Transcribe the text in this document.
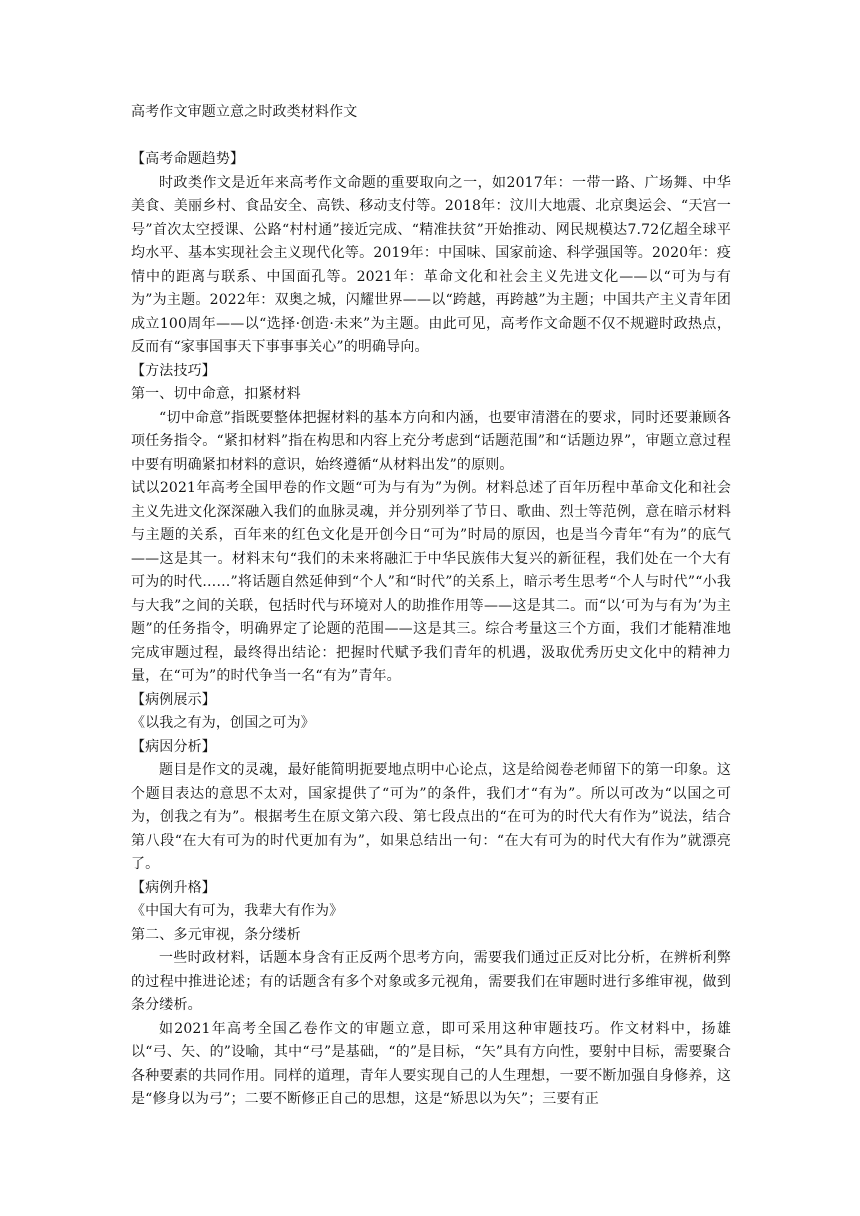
高考作文审题立意之时政类材料作文

【高考命题趋势】

时政类作文是近年来高考作文命题的重要取向之一，如2017年：一带一路、广场舞、中华美食、美丽乡村、食品安全、高铁、移动支付等。2018年：汶川大地震、北京奥运会、“天宫一号”首次太空授课、公路“村村通”接近完成、“精准扶贫”开始推动、网民规模达7.72亿超全球平均水平、基本实现社会主义现代化等。2019年：中国味、国家前途、科学强国等。2020年：疫情中的距离与联系、中国面孔等。2021年：革命文化和社会主义先进文化——以“可为与有为”为主题。2022年：双奥之城，闪耀世界——以“跨越，再跨越”为主题；中国共产主义青年团成立100周年——以“选择·创造·未来”为主题。由此可见，高考作文命题不仅不规避时政热点，反而有“家事国事天下事事事关心”的明确导向。

【方法技巧】

第一、切中命意，扣紧材料

“切中命意”指既要整体把握材料的基本方向和内涵，也要审清潜在的要求，同时还要兼顾各项任务指令。“紧扣材料”指在构思和内容上充分考虑到“话题范围”和“话题边界”，审题立意过程中要有明确紧扣材料的意识，始终遵循“从材料出发”的原则。

试以2021年高考全国甲卷的作文题“可为与有为”为例。材料总述了百年历程中革命文化和社会主义先进文化深深融入我们的血脉灵魂，并分别列举了节日、歌曲、烈士等范例，意在暗示材料与主题的关系，百年来的红色文化是开创今日“可为”时局的原因，也是当今青年“有为”的底气——这是其一。材料末句“我们的未来将融汇于中华民族伟大复兴的新征程，我们处在一个大有可为的时代……”将话题自然延伸到“个人”和“时代”的关系上，暗示考生思考“个人与时代”“小我与大我”之间的关联，包括时代与环境对人的助推作用等——这是其二。而“以‘可为与有为’为主题”的任务指令，明确界定了论题的范围——这是其三。综合考量这三个方面，我们才能精准地完成审题过程，最终得出结论：把握时代赋予我们青年的机遇，汲取优秀历史文化中的精神力量，在“可为”的时代争当一名“有为”青年。

【病例展示】

《以我之有为，创国之可为》

【病因分析】

题目是作文的灵魂，最好能简明扼要地点明中心论点，这是给阅卷老师留下的第一印象。这个题目表达的意思不太对，国家提供了“可为”的条件，我们才“有为”。所以可改为“以国之可为，创我之有为”。根据考生在原文第六段、第七段点出的“在可为的时代大有作为”说法，结合第八段“在大有可为的时代更加有为”，如果总结出一句：“在大有可为的时代大有作为”就漂亮了。

【病例升格】

《中国大有可为，我辈大有作为》

第二、多元审视，条分缕析

一些时政材料，话题本身含有正反两个思考方向，需要我们通过正反对比分析，在辨析利弊的过程中推进论述；有的话题含有多个对象或多元视角，需要我们在审题时进行多维审视，做到条分缕析。

如2021年高考全国乙卷作文的审题立意，即可采用这种审题技巧。作文材料中，扬雄以“弓、矢、的”设喻，其中“弓”是基础，“的”是目标，“矢”具有方向性，要射中目标，需要聚合各种要素的共同作用。同样的道理，青年人要实现自己的人生理想，一要不断加强自身修养，这是“修身以为弓”；二要不断修正自己的思想，这是“矫思以为矢”；三要有正
